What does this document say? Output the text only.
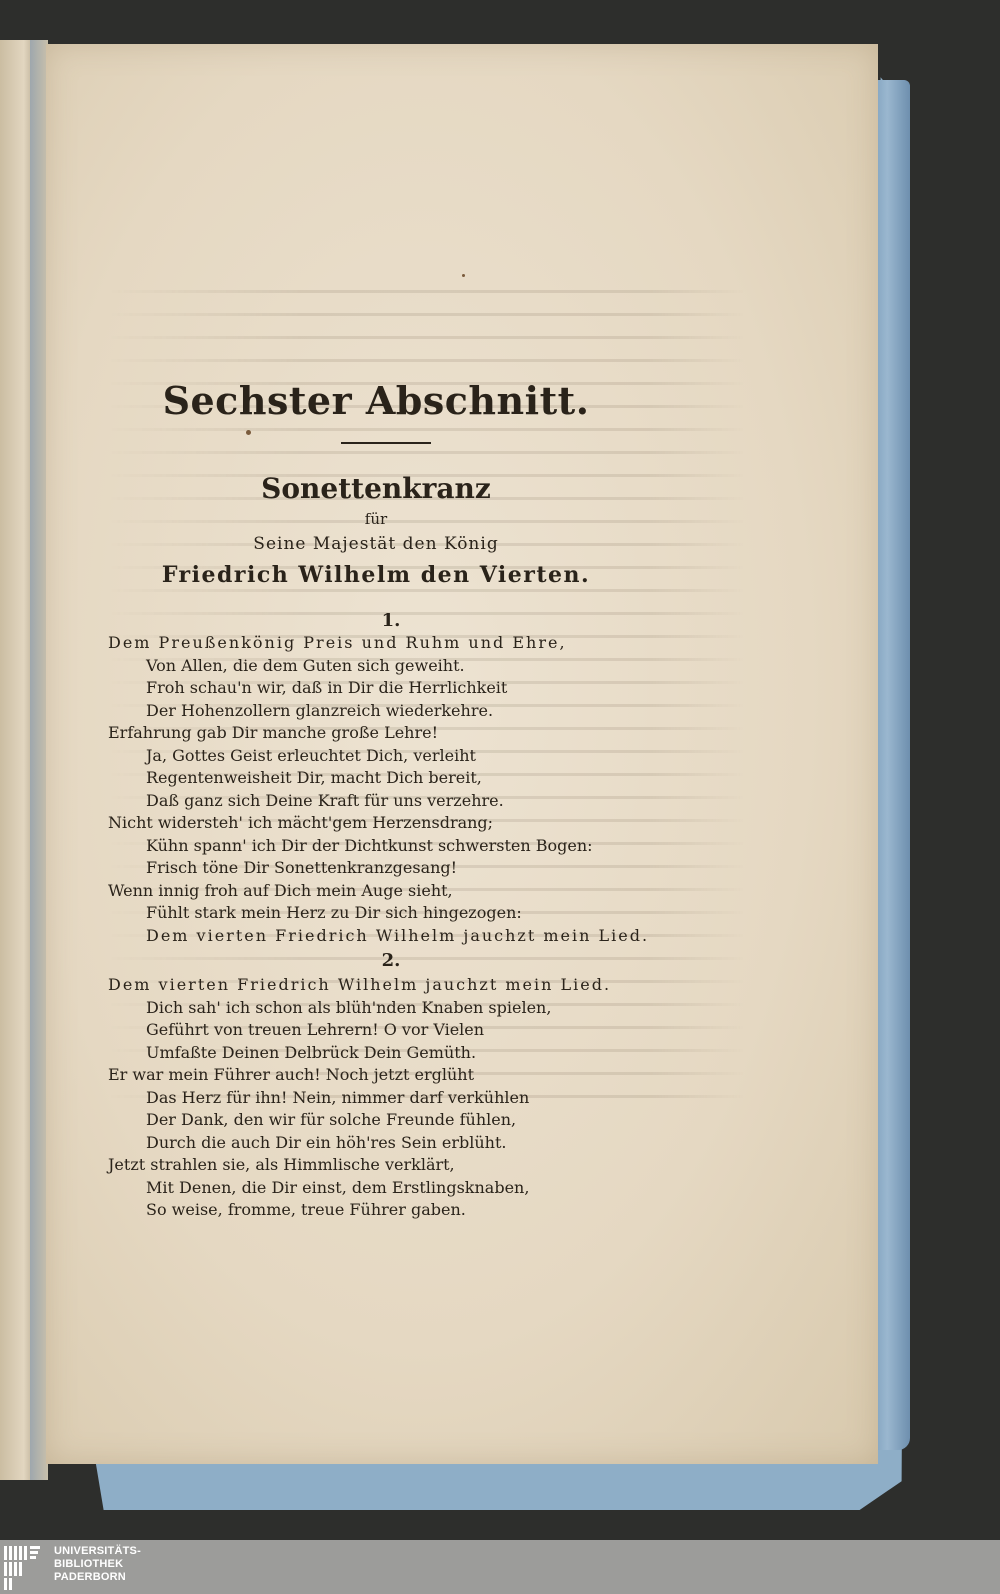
Sechster Abschnitt.
Sonettenkranz
für
Seine Majestät den König
Friedrich Wilhelm den Vierten.
1.
Dem Preußenkönig Preis und Ruhm und Ehre,
Von Allen, die dem Guten sich geweiht.
Froh schau'n wir, daß in Dir die Herrlichkeit
Der Hohenzollern glanzreich wiederkehre.
Erfahrung gab Dir manche große Lehre!
Ja, Gottes Geist erleuchtet Dich, verleiht
Regentenweisheit Dir, macht Dich bereit,
Daß ganz sich Deine Kraft für uns verzehre.
Nicht widersteh' ich mächt'gem Herzensdrang;
Kühn spann' ich Dir der Dichtkunst schwersten Bogen:
Frisch töne Dir Sonettenkranzgesang!
Wenn innig froh auf Dich mein Auge sieht,
Fühlt stark mein Herz zu Dir sich hingezogen:
Dem vierten Friedrich Wilhelm jauchzt mein Lied.
2.
Dem vierten Friedrich Wilhelm jauchzt mein Lied.
Dich sah' ich schon als blüh'nden Knaben spielen,
Geführt von treuen Lehrern! O vor Vielen
Umfaßte Deinen Delbrück Dein Gemüth.
Er war mein Führer auch! Noch jetzt erglüht
Das Herz für ihn! Nein, nimmer darf verkühlen
Der Dank, den wir für solche Freunde fühlen,
Durch die auch Dir ein höh'res Sein erblüht.
Jetzt strahlen sie, als Himmlische verklärt,
Mit Denen, die Dir einst, dem Erstlingsknaben,
So weise, fromme, treue Führer gaben.
UNIVERSITÄTS-
BIBLIOTHEK
PADERBORN
